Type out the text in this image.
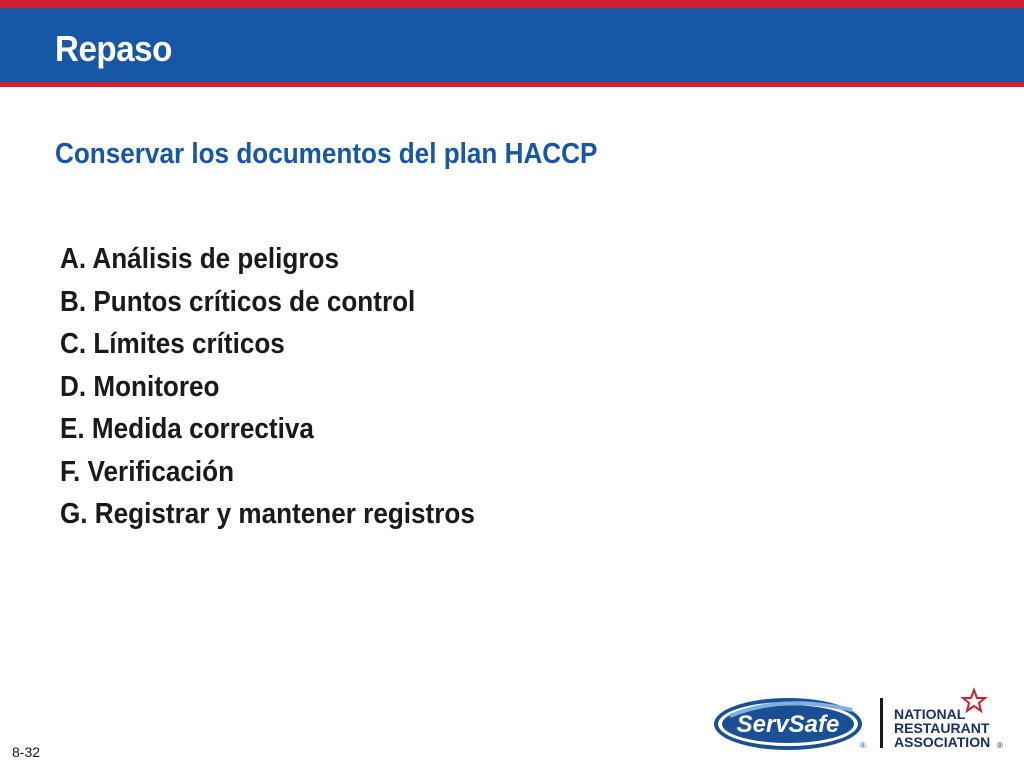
Repaso
Conservar los documentos del plan HACCP
A. Análisis de peligros
B. Puntos críticos de control
C. Límites críticos
D. Monitoreo
E. Medida correctiva
F. Verificación
G. Registrar y mantener registros
8-32
ServSafe
®
NATIONAL
RESTAURANT
ASSOCIATION ®
